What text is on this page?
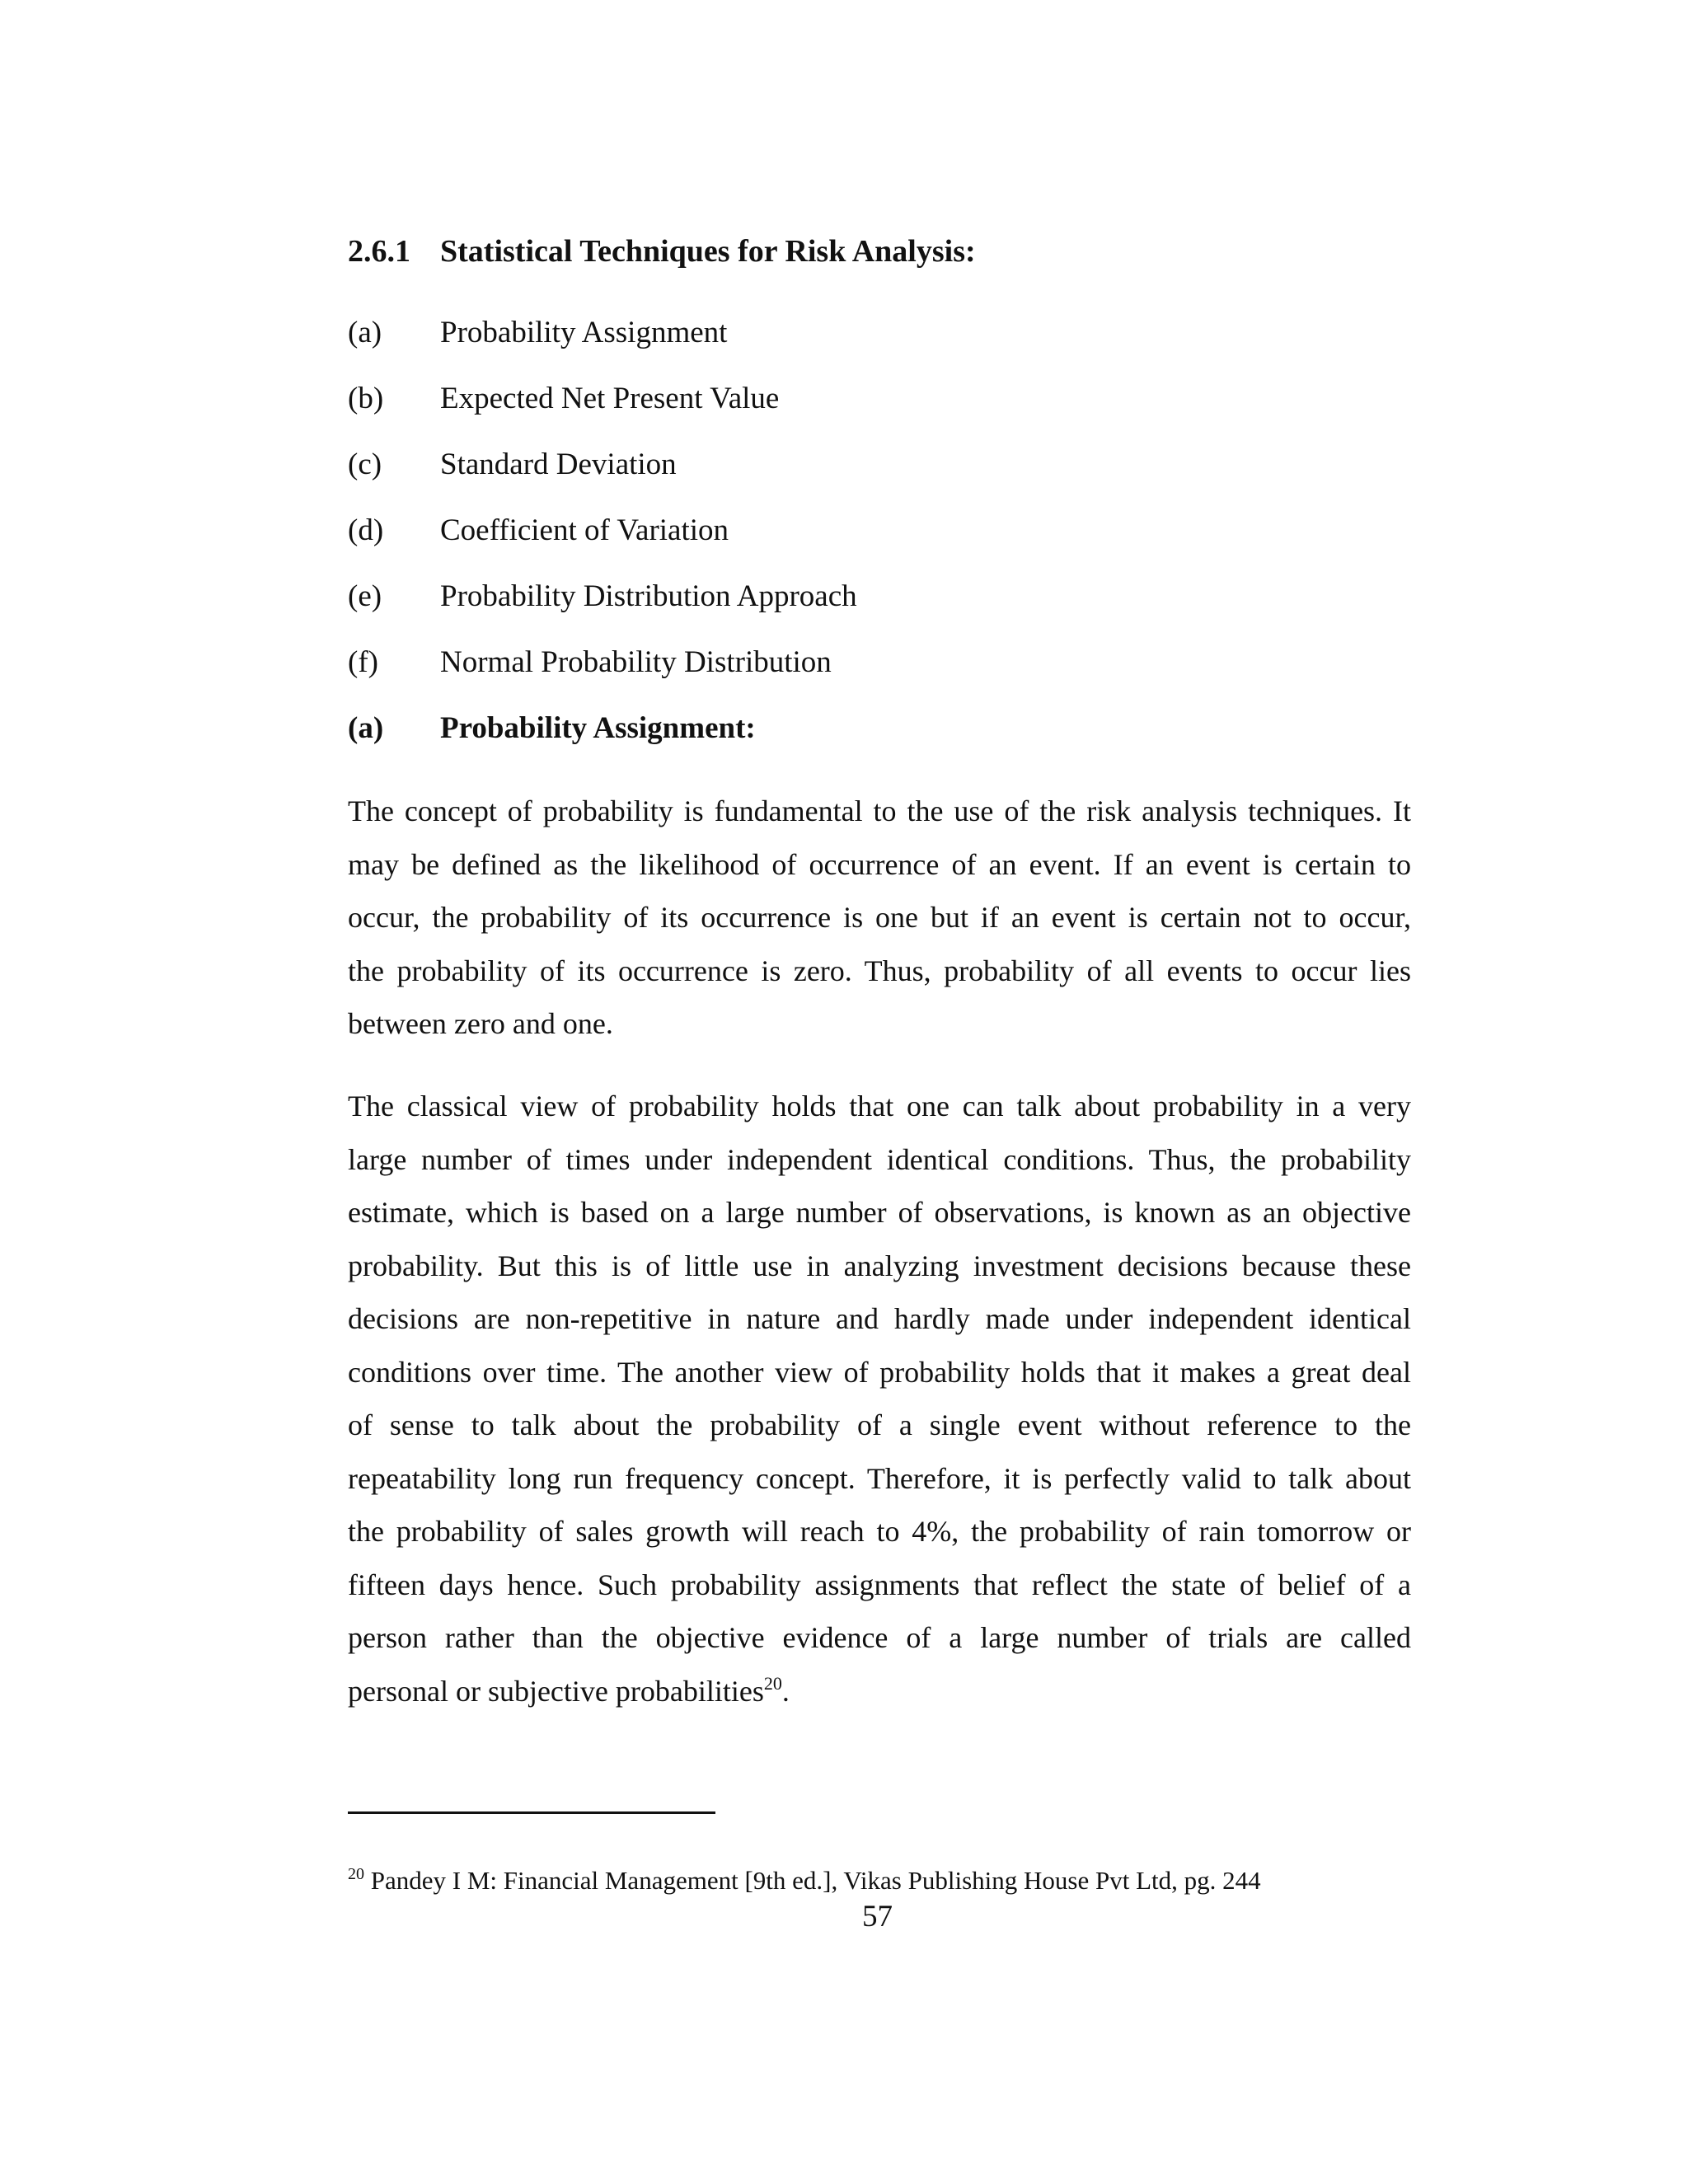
2.6.1 Statistical Techniques for Risk Analysis:
(a) Probability Assignment
(b) Expected Net Present Value
(c) Standard Deviation
(d) Coefficient of Variation
(e) Probability Distribution Approach
(f) Normal Probability Distribution
(a) Probability Assignment:
The concept of probability is fundamental to the use of the risk analysis techniques. It
may be defined as the likelihood of occurrence of an event. If an event is certain to
occur, the probability of its occurrence is one but if an event is certain not to occur,
the probability of its occurrence is zero. Thus, probability of all events to occur lies
between zero and one.
The classical view of probability holds that one can talk about probability in a very
large number of times under independent identical conditions. Thus, the probability
estimate, which is based on a large number of observations, is known as an objective
probability. But this is of little use in analyzing investment decisions because these
decisions are non-repetitive in nature and hardly made under independent identical
conditions over time. The another view of probability holds that it makes a great deal
of sense to talk about the probability of a single event without reference to the
repeatability long run frequency concept. Therefore, it is perfectly valid to talk about
the probability of sales growth will reach to 4%, the probability of rain tomorrow or
fifteen days hence. Such probability assignments that reflect the state of belief of a
person rather than the objective evidence of a large number of trials are called
personal or subjective probabilities$^{20}$.
$^{20}$ Pandey I M: Financial Management [9th ed.], Vikas Publishing House Pvt Ltd, pg. 244
57
